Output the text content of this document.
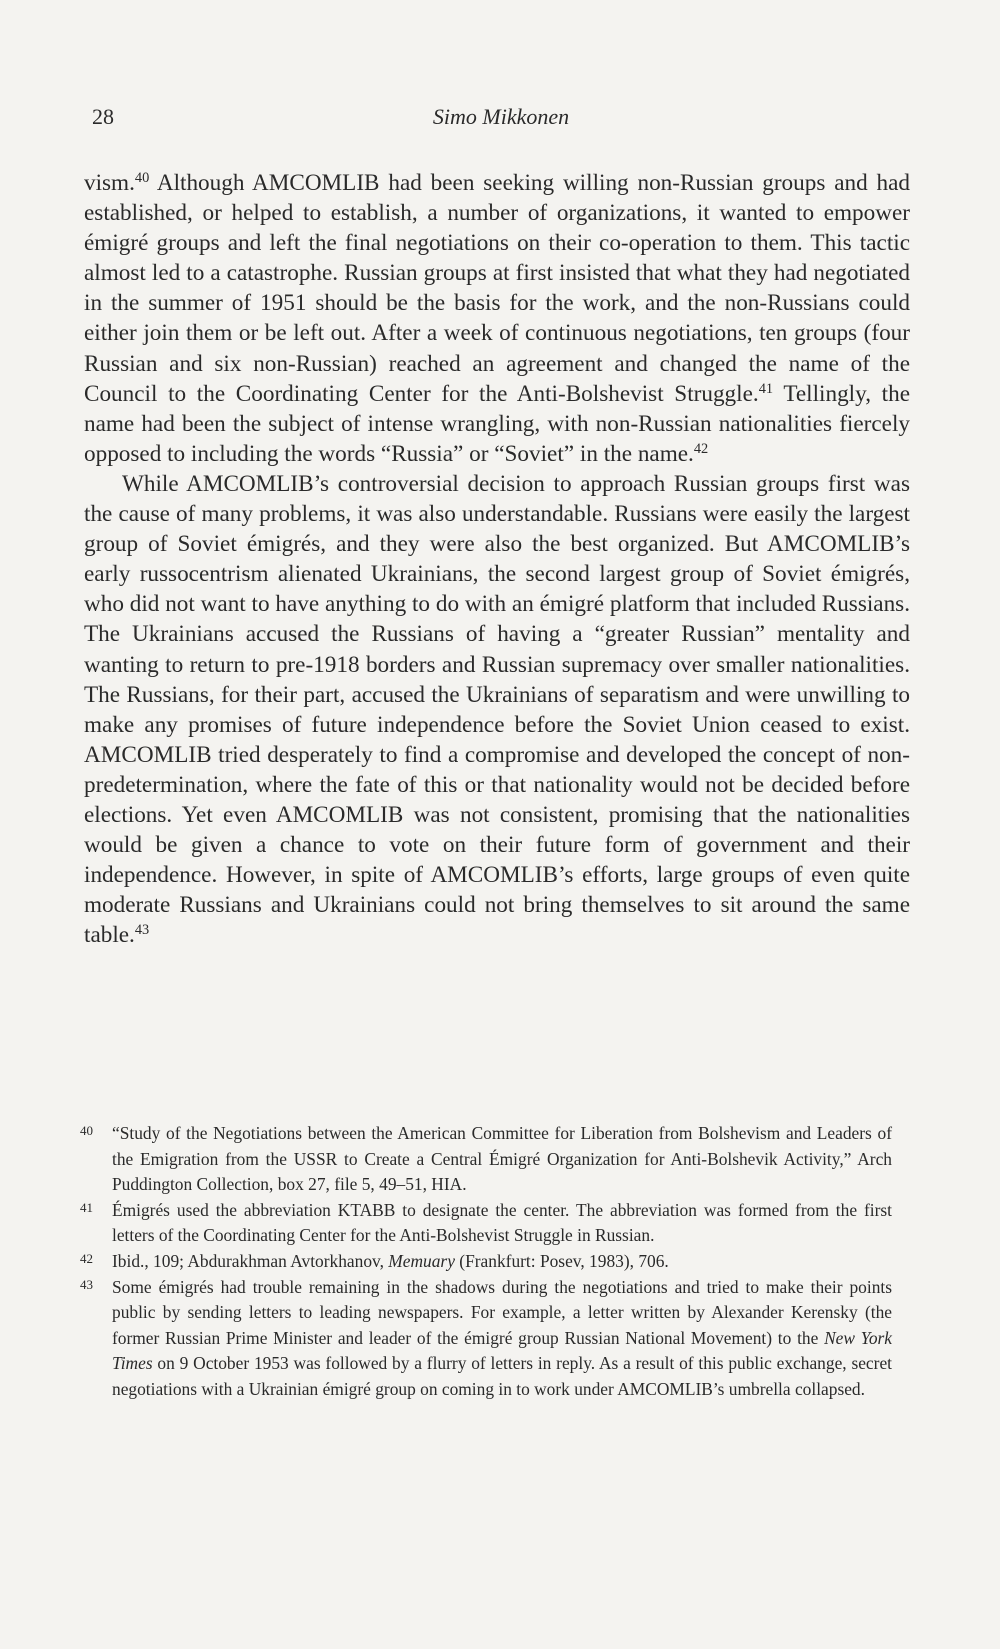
28	Simo Mikkonen

vism.$^{40}$ Although AMCOMLIB had been seeking willing non-Russian groups and had established, or helped to establish, a number of organizations, it wanted to empower émigré groups and left the final negotiations on their co-operation to them. This tactic almost led to a catastrophe. Russian groups at first insisted that what they had negotiated in the summer of 1951 should be the basis for the work, and the non-Russians could either join them or be left out. After a week of continuous negotiations, ten groups (four Russian and six non-Russian) reached an agreement and changed the name of the Council to the Coordinating Center for the Anti-Bolshevist Struggle.$^{41}$ Tellingly, the name had been the subject of intense wrangling, with non-Russian nationalities fiercely opposed to including the words “Russia” or “Soviet” in the name.$^{42}$

While AMCOMLIB’s controversial decision to approach Russian groups first was the cause of many problems, it was also understandable. Russians were easily the largest group of Soviet émigrés, and they were also the best organized. But AMCOMLIB’s early russocentrism alienated Ukrainians, the second largest group of Soviet émigrés, who did not want to have anything to do with an émigré platform that included Russians. The Ukrainians accused the Russians of having a “greater Russian” mentality and wanting to return to pre-1918 borders and Russian supremacy over smaller nationalities. The Russians, for their part, accused the Ukrainians of separatism and were unwilling to make any promises of future independence before the Soviet Union ceased to exist. AMCOMLIB tried desperately to find a compromise and developed the concept of non-predetermination, where the fate of this or that nationality would not be decided before elections. Yet even AMCOMLIB was not consistent, promising that the nationalities would be given a chance to vote on their future form of government and their independence. However, in spite of AMCOMLIB’s efforts, large groups of even quite moderate Russians and Ukrainians could not bring themselves to sit around the same table.$^{43}$

40 “Study of the Negotiations between the American Committee for Liberation from Bolshevism and Leaders of the Emigration from the USSR to Create a Central Émigré Organization for Anti-Bolshevik Activity,” Arch Puddington Collection, box 27, file 5, 49–51, HIA.
41 Émigrés used the abbreviation KTABB to designate the center. The abbreviation was formed from the first letters of the Coordinating Center for the Anti-Bolshevist Struggle in Russian.
42 Ibid., 109; Abdurakhman Avtorkhanov, Memuary (Frankfurt: Posev, 1983), 706.
43 Some émigrés had trouble remaining in the shadows during the negotiations and tried to make their points public by sending letters to leading newspapers. For example, a letter written by Alexander Kerensky (the former Russian Prime Minister and leader of the émigré group Russian National Movement) to the New York Times on 9 October 1953 was followed by a flurry of letters in reply. As a result of this public exchange, secret negotiations with a Ukrainian émigré group on coming in to work under AMCOMLIB’s umbrella collapsed.
